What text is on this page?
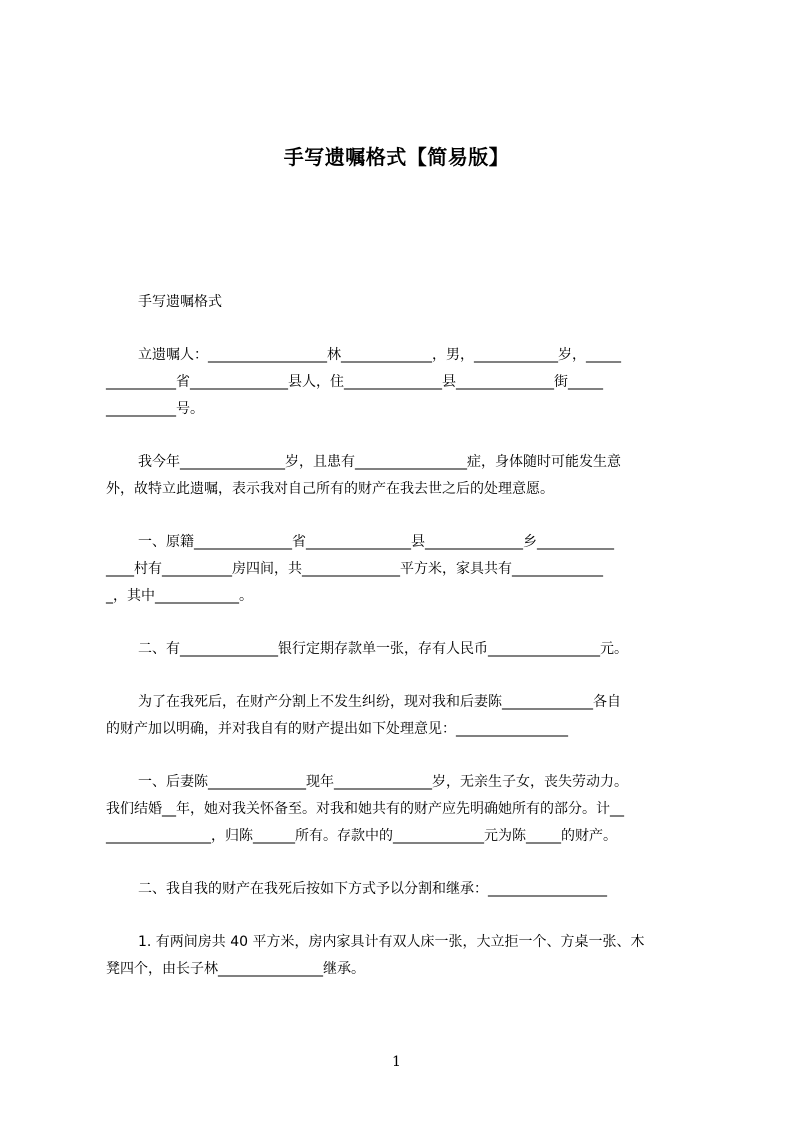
手写遗嘱格式【简易版】
手写遗嘱格式
立遗嘱人：_________________林_____________，男，____________岁，_____
__________省______________县人，住______________县______________街_____
__________号。
我今年_______________岁，且患有________________症，身体随时可能发生意
外，故特立此遗嘱，表示我对自己所有的财产在我去世之后的处理意愿。
一、原籍______________省_______________县______________乡___________
____村有__________房四间，共______________平方米，家具共有_____________
_，其中____________。
二、有______________银行定期存款单一张，存有人民币________________元。
为了在我死后，在财产分割上不发生纠纷，现对我和后妻陈_____________各自
的财产加以明确，并对我自有的财产提出如下处理意见：________________
一、后妻陈______________现年______________岁，无亲生子女，丧失劳动力。
我们结婚__年，她对我关怀备至。对我和她共有的财产应先明确她所有的部分。计__
_______________，归陈______所有。存款中的_____________元为陈_____的财产。
二、我自我的财产在我死后按如下方式予以分割和继承：_________________
1. 有两间房共 40 平方米，房内家具计有双人床一张，大立拒一个、方桌一张、木
凳四个，由长子林_______________继承。
1
